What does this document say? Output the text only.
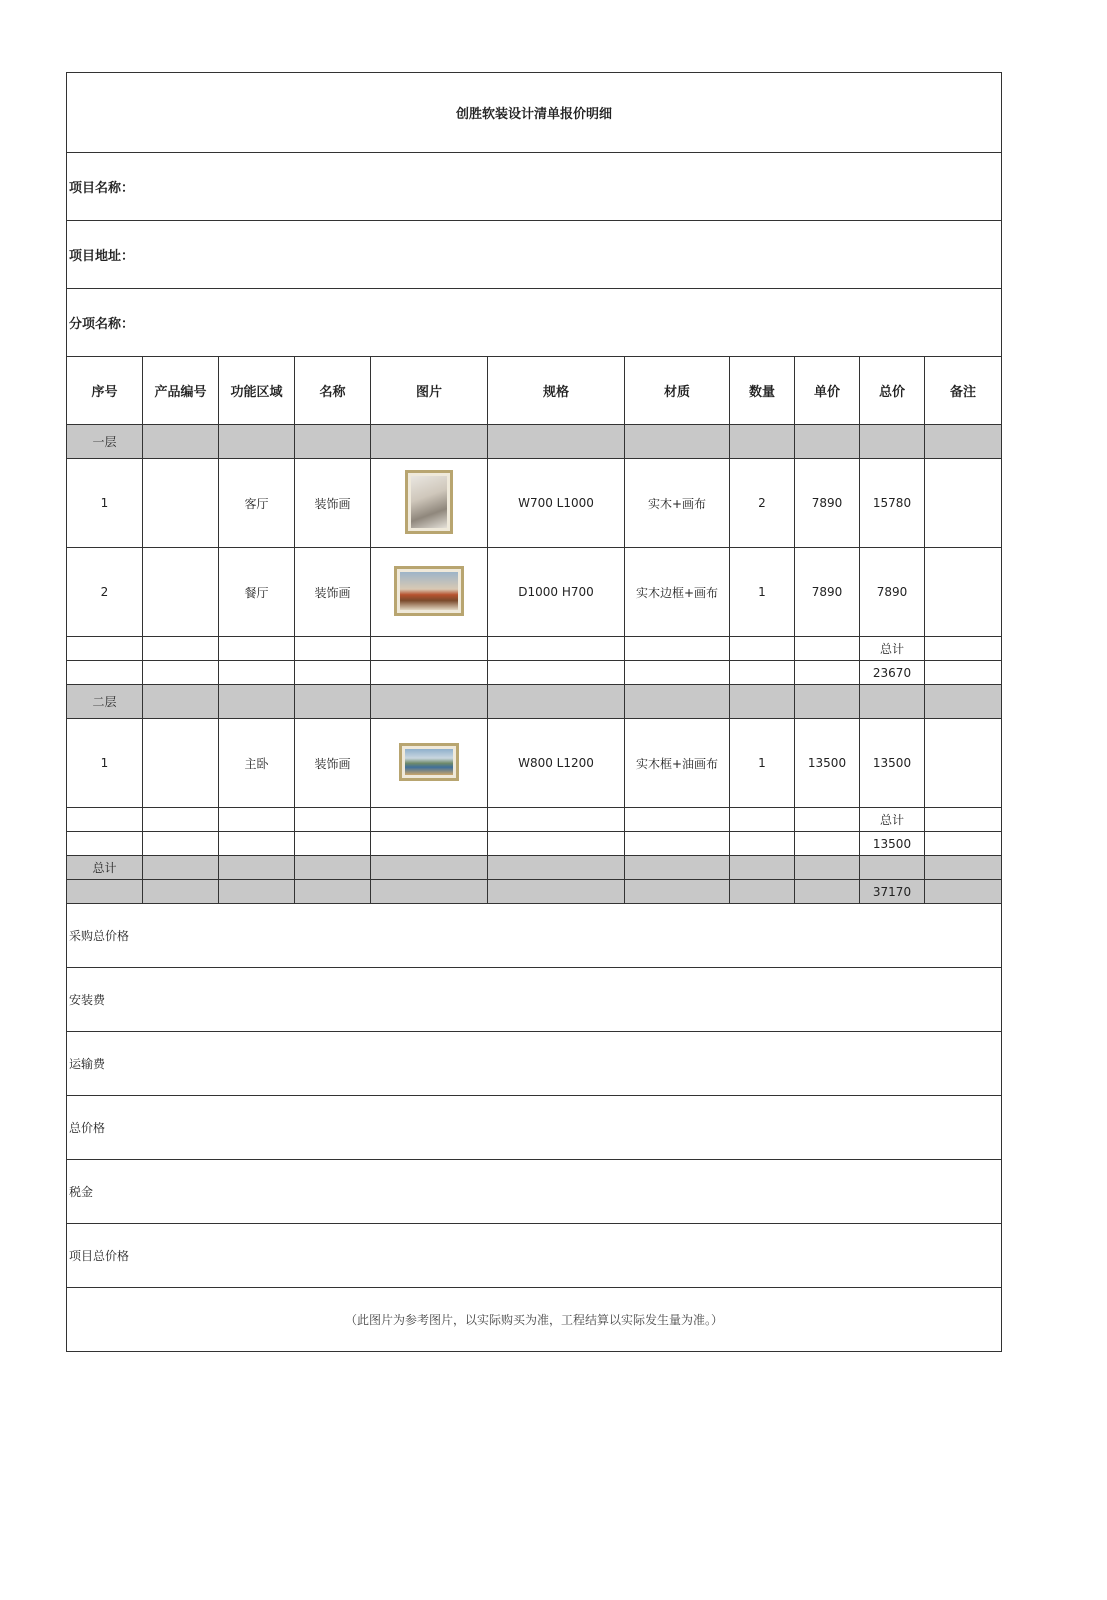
创胜软装设计清单报价明细										
项目名称：										
项目地址：										
分项名称：										
序号	产品编号	功能区域	名称	图片	规格	材质	数量	单价	总价	备注
一层										
1		客厅	装饰画		W700 L1000	实木+画布	2	7890	15780	
2		餐厅	装饰画		D1000 H700	实木边框+画布	1	7890	7890	
									总计	
									23670	
二层										
1		主卧	装饰画		W800 L1200	实木框+油画布	1	13500	13500	
									总计	
									13500	
总计										
									37170	
采购总价格										
安装费										
运输费										
总价格										
税金										
项目总价格										
（此图片为参考图片，以实际购买为准，工程结算以实际发生量为准。）										
